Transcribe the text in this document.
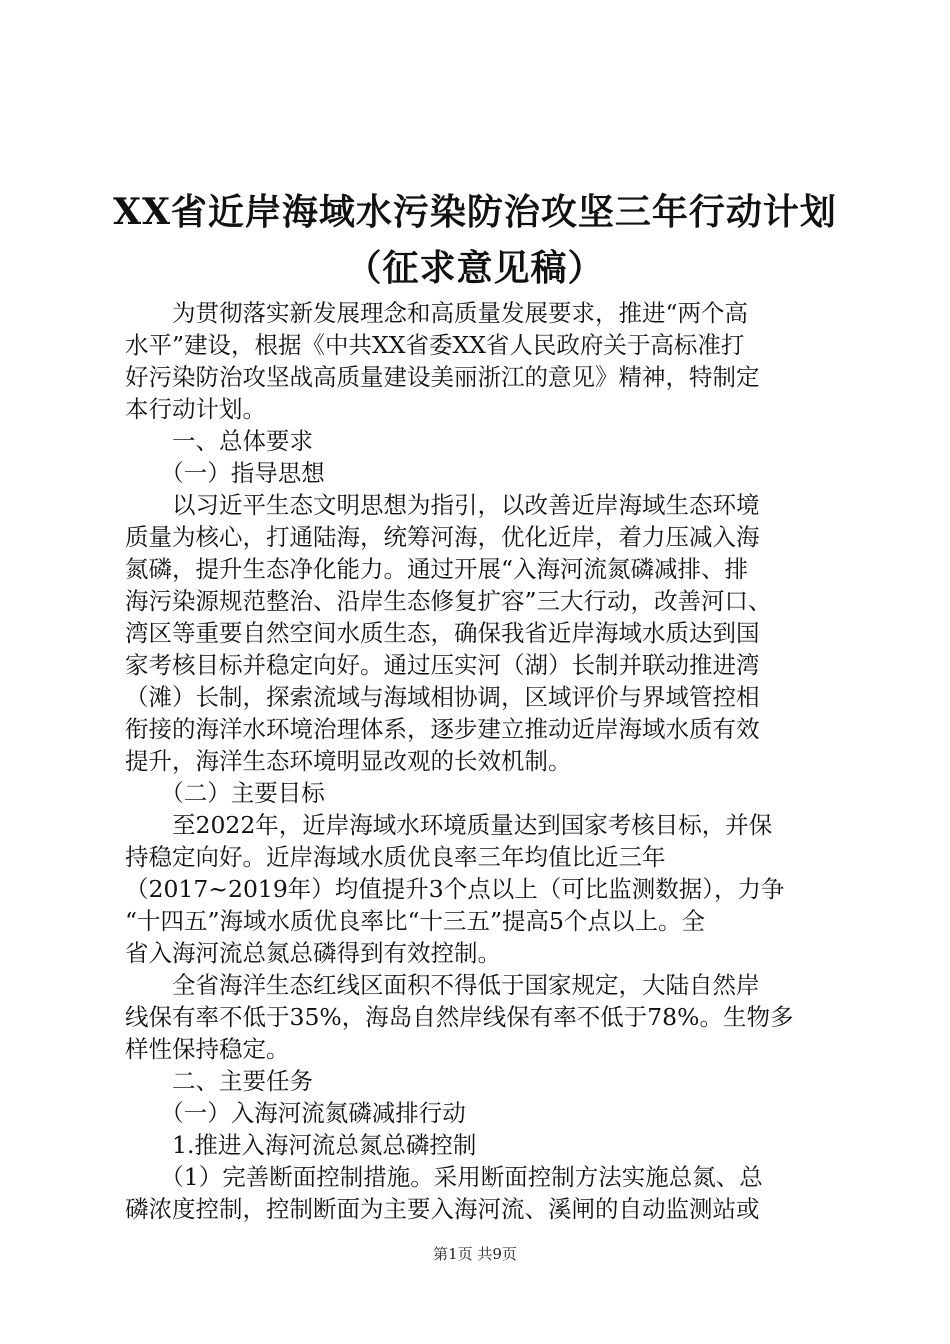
XX省近岸海域水污染防治攻坚三年行动计划
（征求意见稿）
　　为贯彻落实新发展理念和高质量发展要求，推进“两个高
水平”建设，根据《中共XX省委XX省人民政府关于高标准打
好污染防治攻坚战高质量建设美丽浙江的意见》精神，特制定
本行动计划。
　　一、总体要求
　　（一）指导思想
　　以习近平生态文明思想为指引，以改善近岸海域生态环境
质量为核心，打通陆海，统筹河海，优化近岸，着力压减入海
氮磷，提升生态净化能力。通过开展“入海河流氮磷减排、排
海污染源规范整治、沿岸生态修复扩容”三大行动，改善河口、
湾区等重要自然空间水质生态，确保我省近岸海域水质达到国
家考核目标并稳定向好。通过压实河（湖）长制并联动推进湾
（滩）长制，探索流域与海域相协调，区域评价与界域管控相
衔接的海洋水环境治理体系，逐步建立推动近岸海域水质有效
提升，海洋生态环境明显改观的长效机制。
　　（二）主要目标
　　至2022年，近岸海域水环境质量达到国家考核目标，并保
持稳定向好。近岸海域水质优良率三年均值比近三年
（2017~2019年）均值提升3个点以上（可比监测数据），力争
“十四五”海域水质优良率比“十三五”提高5个点以上。全
省入海河流总氮总磷得到有效控制。
　　全省海洋生态红线区面积不得低于国家规定，大陆自然岸
线保有率不低于35%，海岛自然岸线保有率不低于78%。生物多
样性保持稳定。
　　二、主要任务
　　（一）入海河流氮磷减排行动
　　1.推进入海河流总氮总磷控制
　　（1）完善断面控制措施。采用断面控制方法实施总氮、总
磷浓度控制，控制断面为主要入海河流、溪闸的自动监测站或
第1页 共9页
